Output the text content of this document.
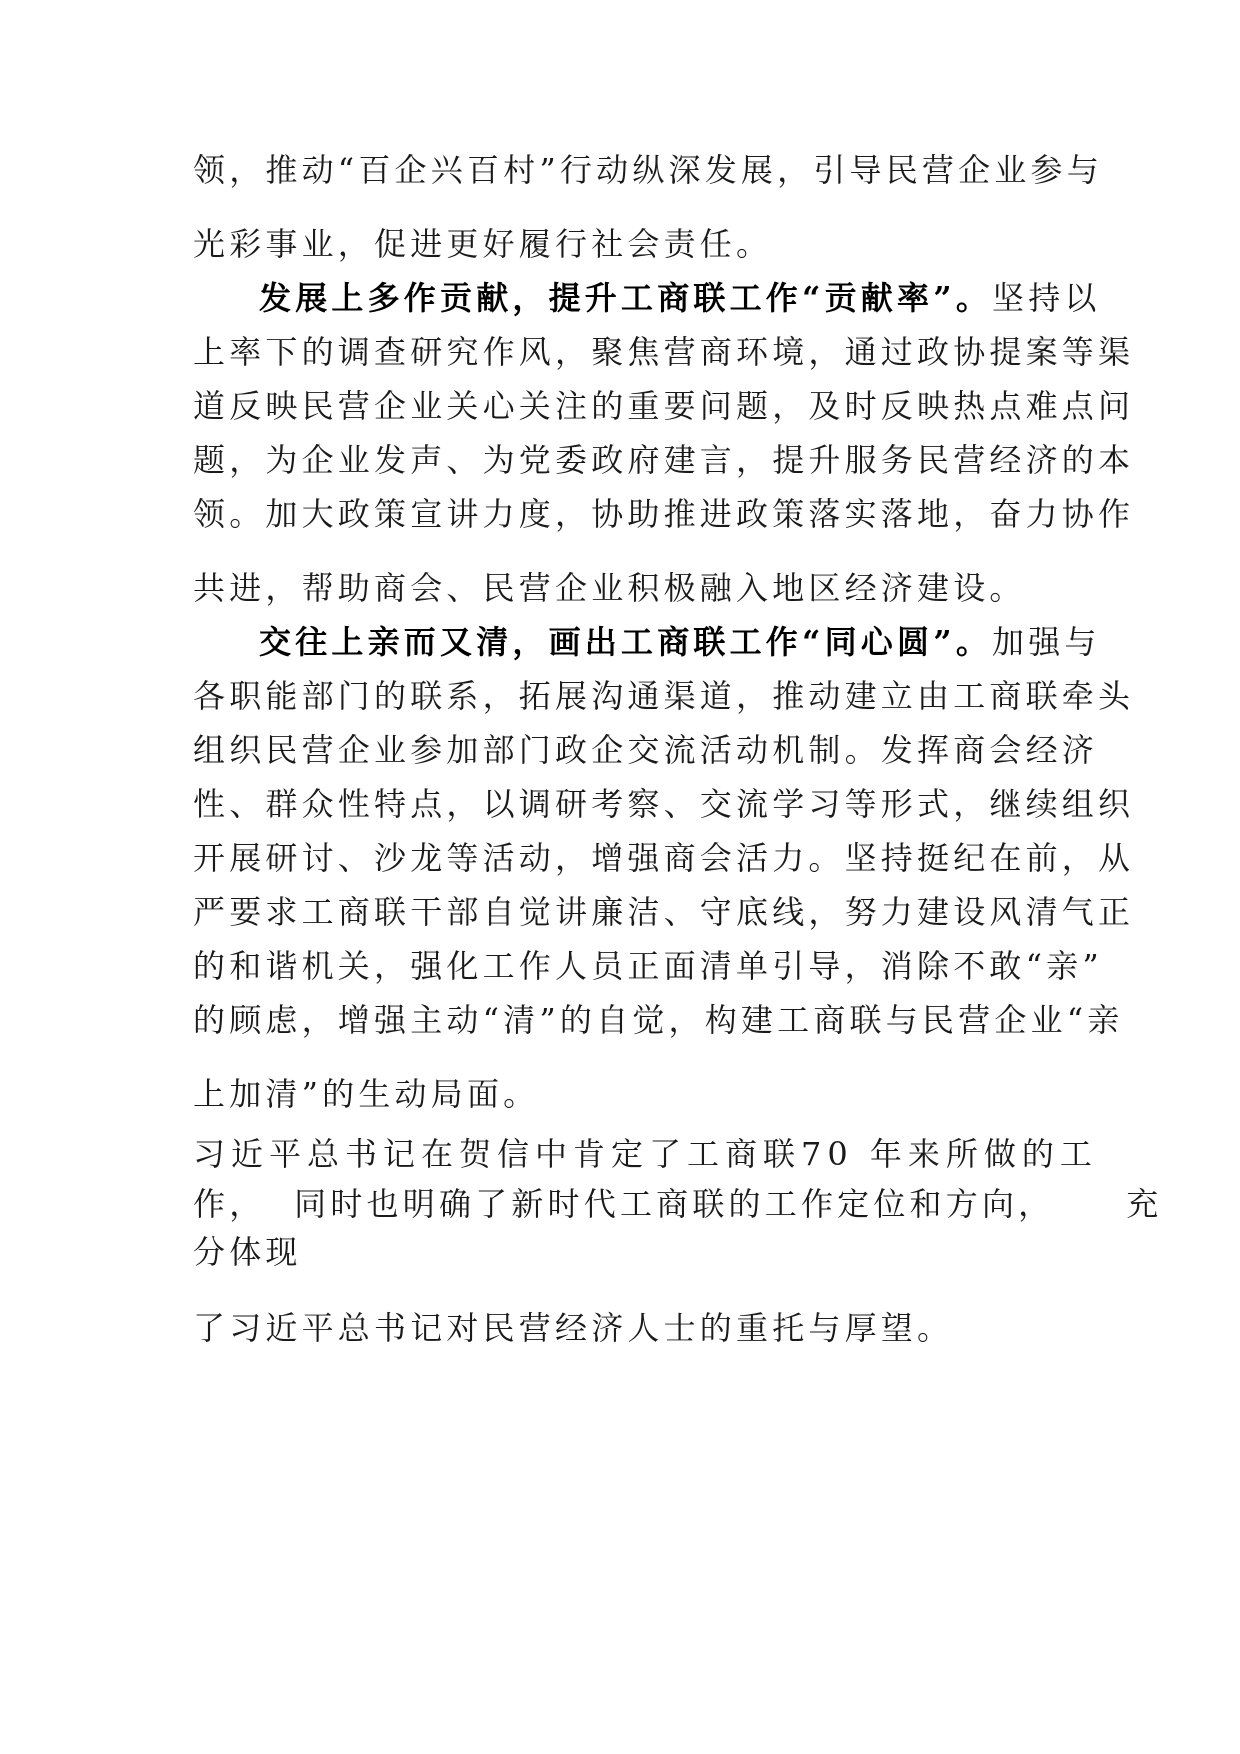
领，推动“百企兴百村”行动纵深发展，引导民营企业参与
光彩事业，促进更好履行社会责任。
发展上多作贡献，提升工商联工作“贡献率”。坚持以
上率下的调查研究作风，聚焦营商环境，通过政协提案等渠
道反映民营企业关心关注的重要问题，及时反映热点难点问
题，为企业发声、为党委政府建言，提升服务民营经济的本
领。加大政策宣讲力度，协助推进政策落实落地，奋力协作
共进，帮助商会、民营企业积极融入地区经济建设。
交往上亲而又清，画出工商联工作“同心圆”。加强与
各职能部门的联系，拓展沟通渠道，推动建立由工商联牵头
组织民营企业参加部门政企交流活动机制。发挥商会经济
性、群众性特点，以调研考察、交流学习等形式，继续组织
开展研讨、沙龙等活动，增强商会活力。坚持挺纪在前，从
严要求工商联干部自觉讲廉洁、守底线，努力建设风清气正
的和谐机关，强化工作人员正面清单引导，消除不敢“亲”
的顾虑，增强主动“清”的自觉，构建工商联与民营企业“亲
上加清”的生动局面。
习近平总书记在贺信中肯定了工商联70 年来所做的工
作，  同时也明确了新时代工商联的工作定位和方向，     充
分体现
了习近平总书记对民营经济人士的重托与厚望。
